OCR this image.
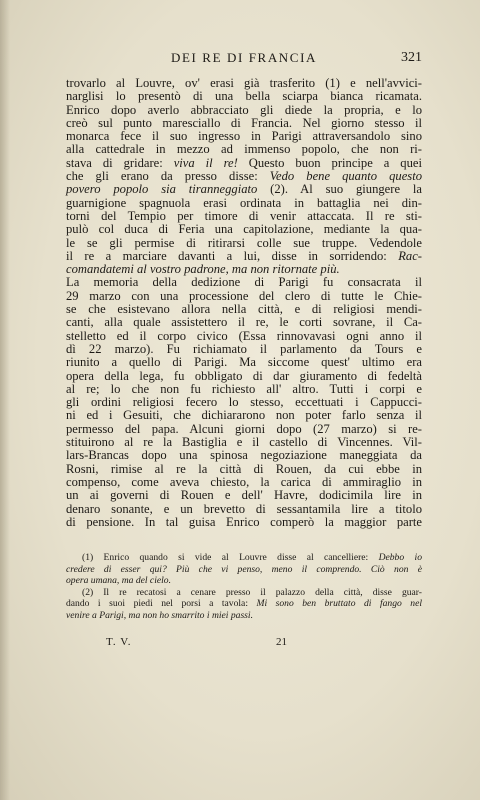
DEI RE DI FRANCIA	321
trovarlo al Louvre, ov' erasi già trasferito (1) e nell'avvici-
narglisi lo presentò di una bella sciarpa bianca ricamata.
Enrico dopo averlo abbracciato gli diede la propria, e lo
creò sul punto maresciallo di Francia. Nel giorno stesso il
monarca fece il suo ingresso in Parigi attraversandolo sino
alla cattedrale in mezzo ad immenso popolo, che non ri-
stava di gridare: viva il re! Questo buon principe a quei
che gli erano da presso disse: Vedo bene quanto questo
povero popolo sia tiranneggiato (2). Al suo giungere la
guarnigione spagnuola erasi ordinata in battaglia nei din-
torni del Tempio per timore di venir attaccata. Il re sti-
pulò col duca di Feria una capitolazione, mediante la qua-
le se gli permise di ritirarsi colle sue truppe. Vedendole
il re a marciare davanti a lui, disse in sorridendo: Rac-
comandatemi al vostro padrone, ma non ritornate più.
La memoria della dedizione di Parigi fu consacrata il
29 marzo con una processione del clero di tutte le Chie-
se che esistevano allora nella città, e di religiosi mendi-
canti, alla quale assistettero il re, le corti sovrane, il Ca-
stelletto ed il corpo civico (Essa rinnovavasi ogni anno il
dì 22 marzo). Fu richiamato il parlamento da Tours e
riunito a quello di Parigi. Ma siccome quest' ultimo era
opera della lega, fu obbligato di dar giuramento di fedeltà
al re; lo che non fu richiesto all' altro. Tutti i corpi e
gli ordini religiosi fecero lo stesso, eccettuati i Cappucci-
ni ed i Gesuiti, che dichiararono non poter farlo senza il
permesso del papa. Alcuni giorni dopo (27 marzo) si re-
stituirono al re la Bastiglia e il castello di Vincennes. Vil-
lars-Brancas dopo una spinosa negoziazione maneggiata da
Rosni, rimise al re la città di Rouen, da cui ebbe in
compenso, come aveva chiesto, la carica di ammiraglio in
un ai governi di Rouen e dell' Havre, dodicimila lire in
denaro sonante, e un brevetto di sessantamila lire a titolo
di pensione. In tal guisa Enrico comperò la maggior parte
(1) Enrico quando si vide al Louvre disse al cancelliere: Debbo io
credere di esser qui? Più che vi penso, meno il comprendo. Ciò non è
opera umana, ma del cielo.
(2) Il re recatosi a cenare presso il palazzo della città, disse guar-
dando i suoi piedi nel porsi a tavola: Mi sono ben bruttato di fango nel
venire a Parigi, ma non ho smarrito i miei passi.
T. V.	21
